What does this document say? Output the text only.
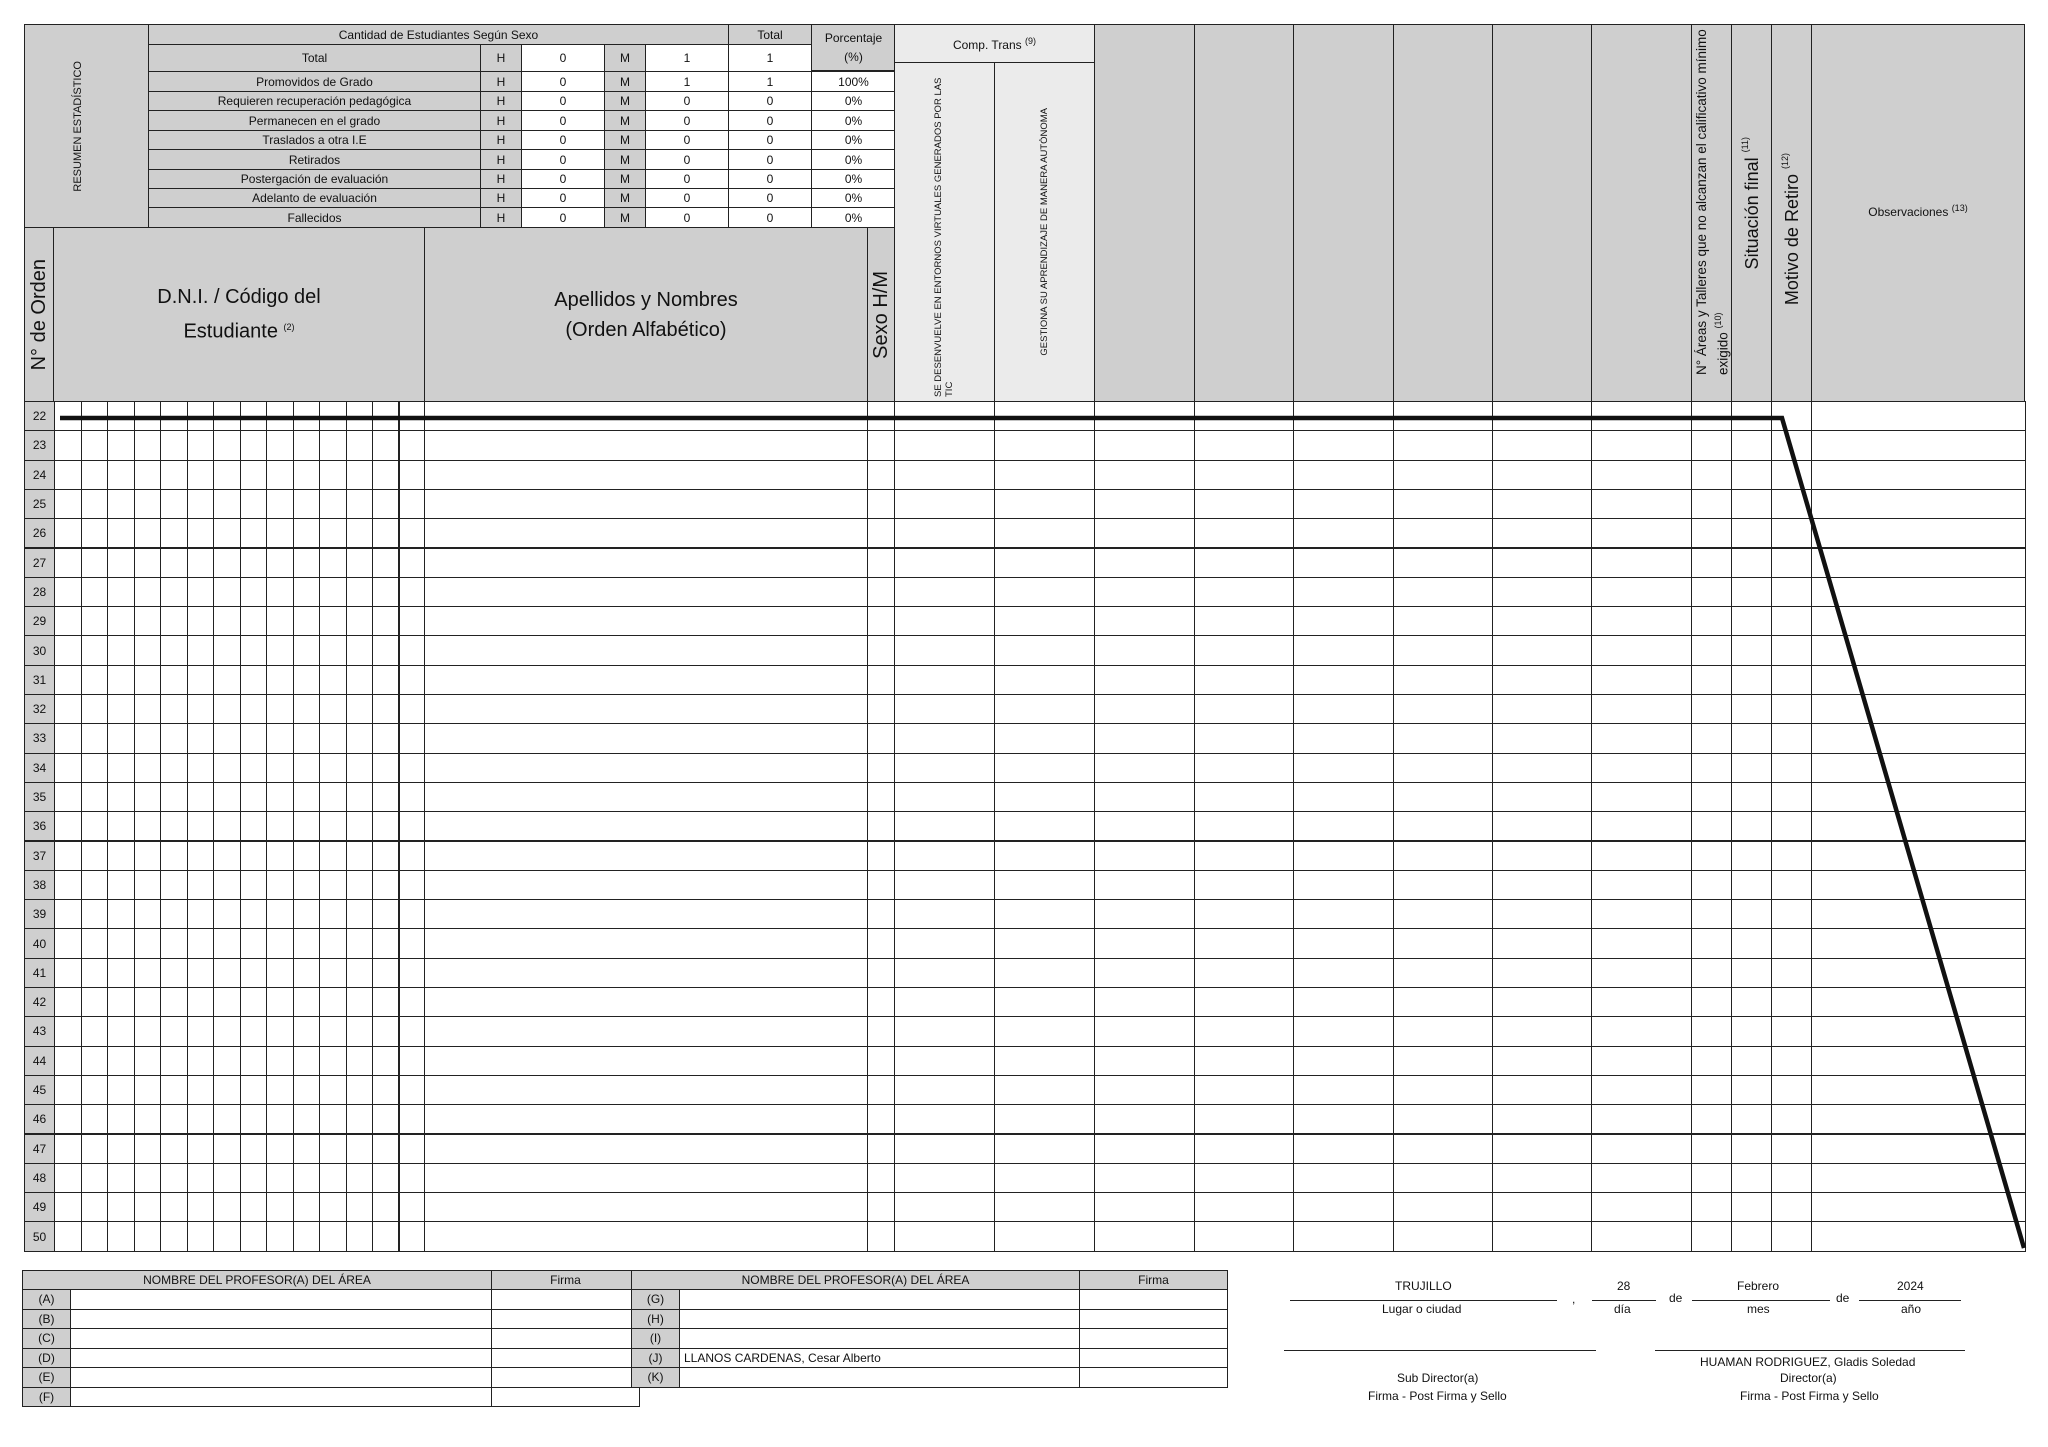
RESUMEN ESTADÍSTICO
Cantidad de Estudiantes Según Sexo	Total	Porcentaje
(%)
Total	H	0	M	1	1
Promovidos de Grado	H	0	M	1	1	100%
Requieren recuperación pedagógica	H	0	M	0	0	0%
Permanecen en el grado	H	0	M	0	0	0%
Traslados a otra I.E	H	0	M	0	0	0%
Retirados	H	0	M	0	0	0%
Postergación de evaluación	H	0	M	0	0	0%
Adelanto de evaluación	H	0	M	0	0	0%
Fallecidos	H	0	M	0	0	0%
N° de Orden	D.N.I. / Código del
Estudiante $^{(2)}$
Apellidos y Nombres
(Orden Alfabético)	Sexo H/M
Comp. Trans $^{(9)}$
SE DESENVUELVE EN ENTORNOS VIRTUALES GENERADOS POR LAS TIC
GESTIONA SU APRENDIZAJE DE MANERA AUTÓNOMA	N° Áreas y Talleres que no alcanzan el calificativo mínimo exigido $^{(10)}$
Situación final $^{(11)}$
Motivo de Retiro $^{(12)}$
Observaciones $^{(13)}$
22
23
24
25
26
27
28
29
30
31
32
33
34
35
36
37
38
39
40
41
42
43
44
45
46
47
48
49
50
NOMBRE DEL PROFESOR(A) DEL ÁREA	Firma
(A)
(B)
(C)
(D)
(E)
(F)
NOMBRE DEL PROFESOR(A) DEL ÁREA	Firma
(G)
(H)
(I)
(J)	LLANOS CARDENAS, Cesar Alberto
(K)
TRUJILLO
Lugar o ciudad
,
28
día
de
Febrero
mes
de
2024
año
Sub Director(a)
Firma - Post Firma y Sello
HUAMAN RODRIGUEZ, Gladis Soledad
Director(a)
Firma - Post Firma y Sello
